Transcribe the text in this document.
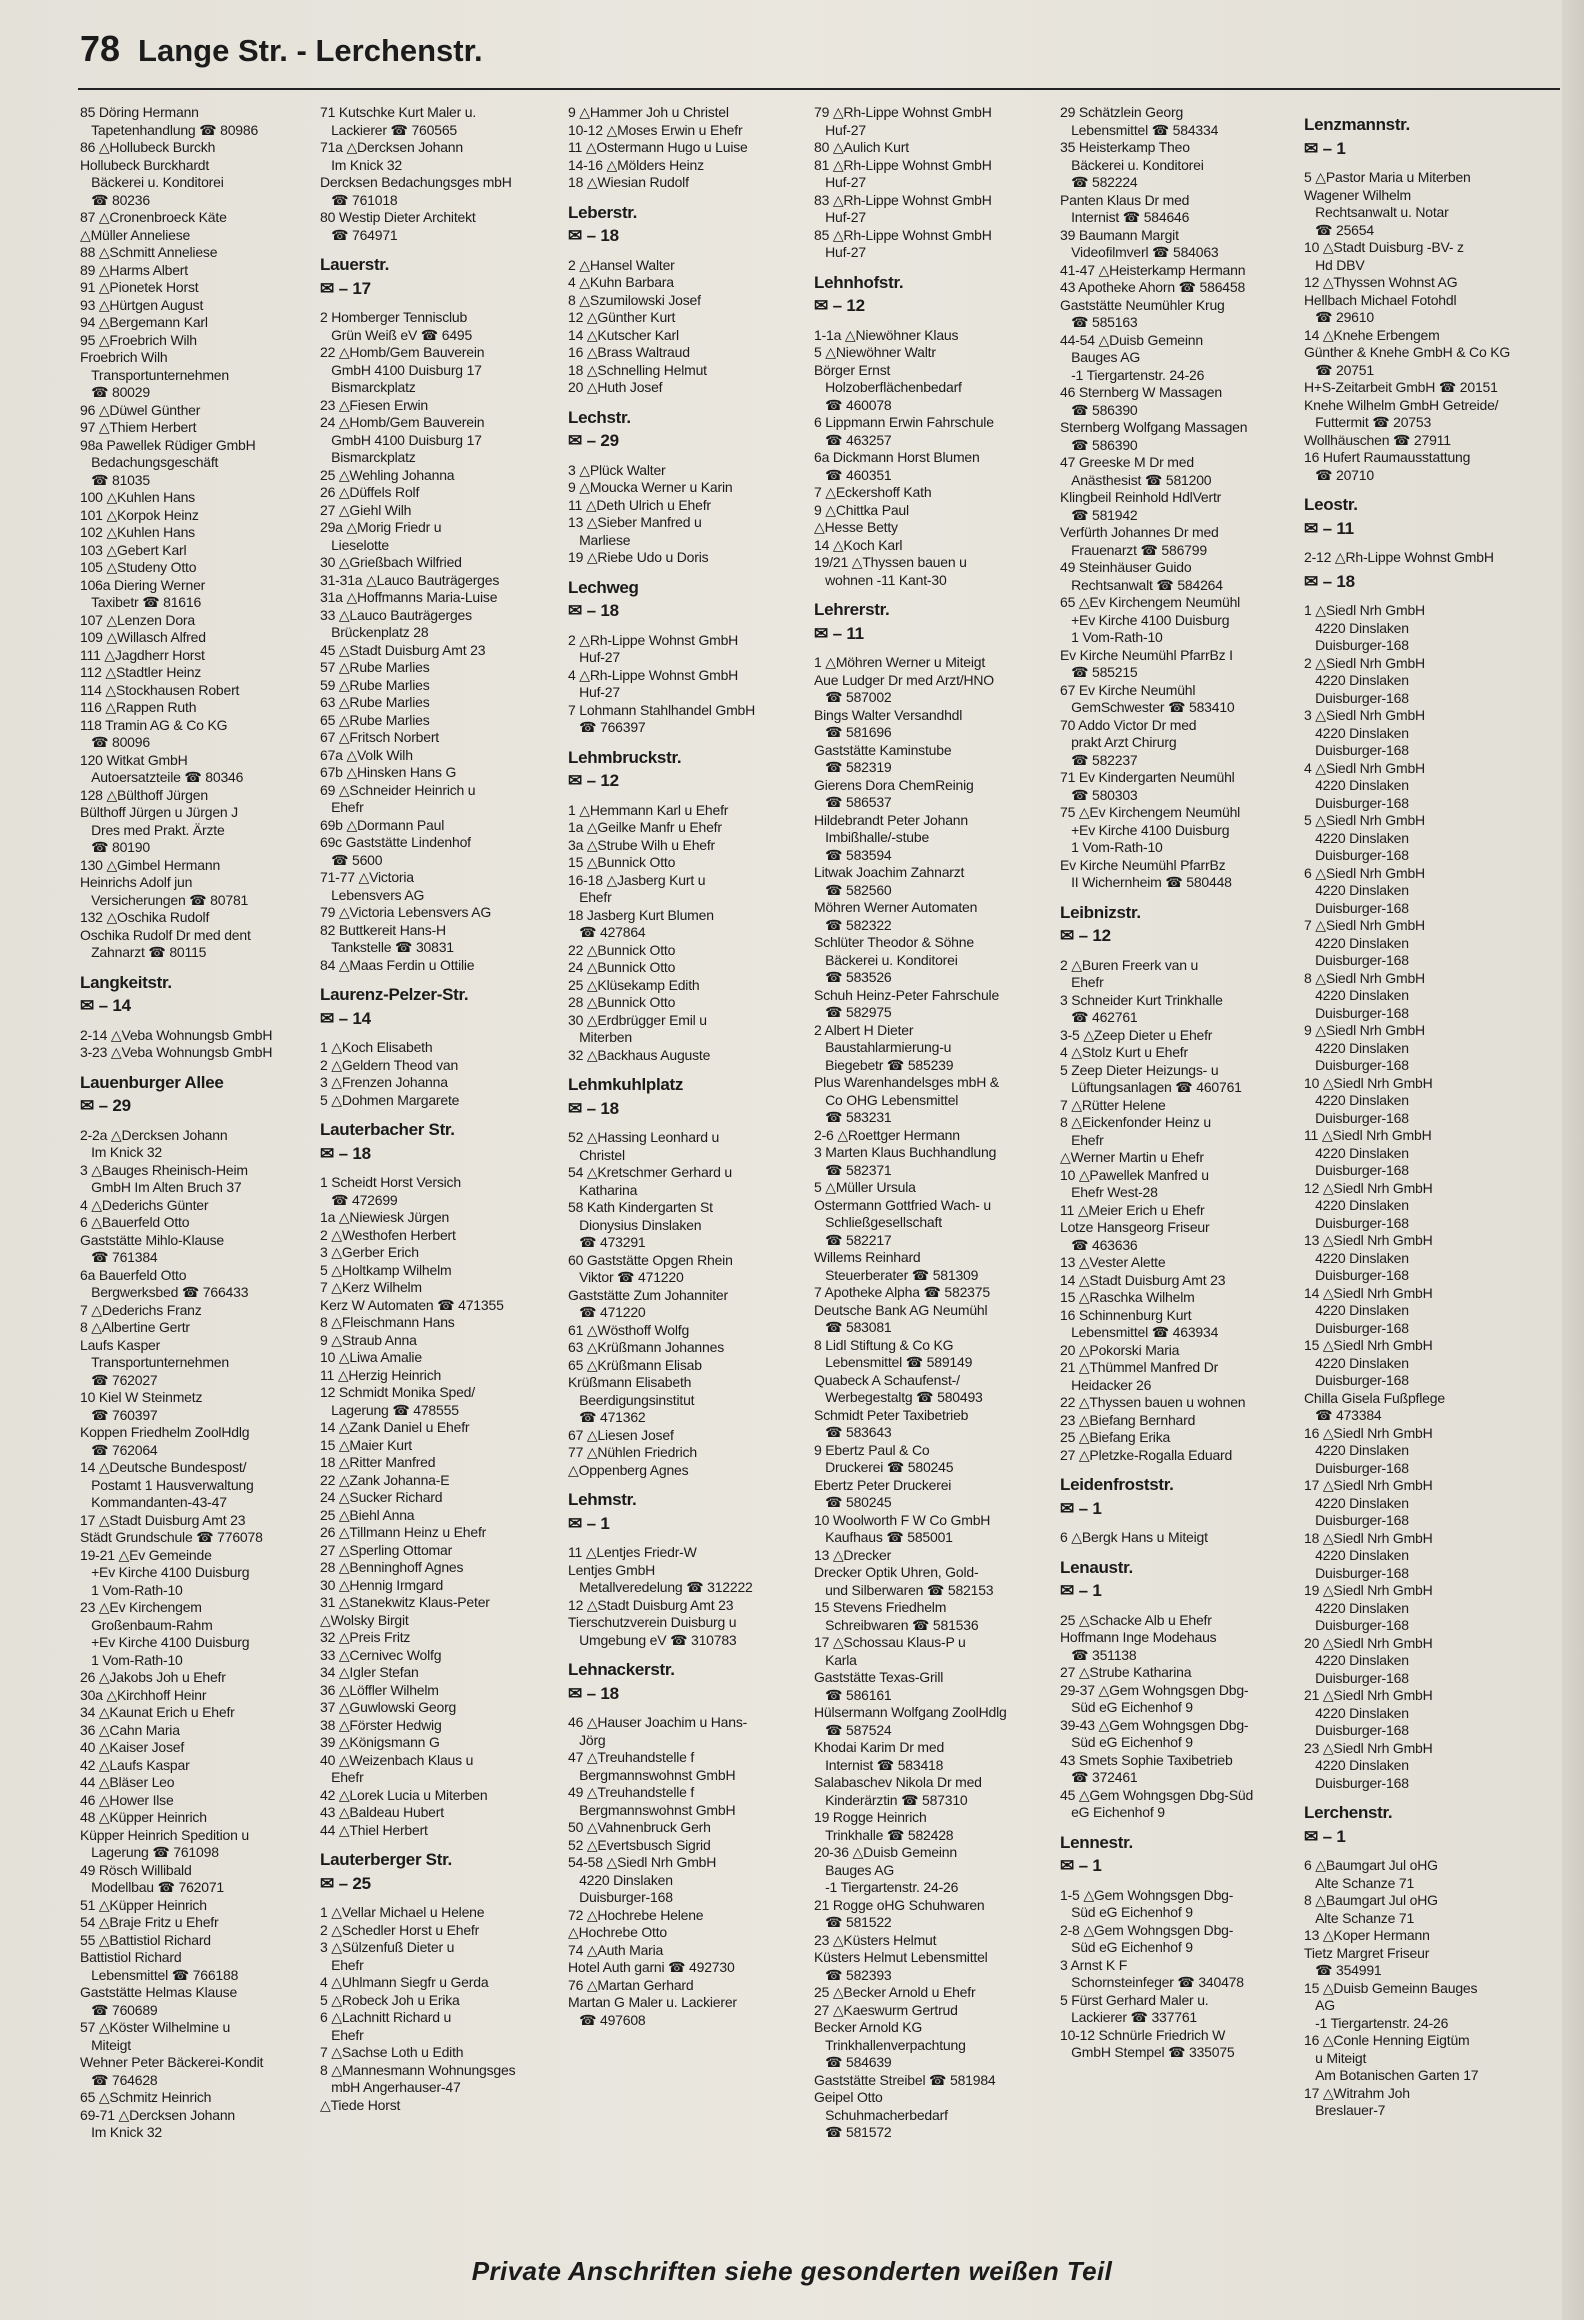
78 Lange Str. - Lerchenstr.
85 Döring Hermann
Tapetenhandlung ☎ 80986
86 △Hollubeck Burckh
Hollubeck Burckhardt
Bäckerei u. Konditorei
☎ 80236
87 △Cronenbroeck Käte
△Müller Anneliese
88 △Schmitt Anneliese
89 △Harms Albert
91 △Pionetek Horst
93 △Hürtgen August
94 △Bergemann Karl
95 △Froebrich Wilh
Froebrich Wilh
Transportunternehmen
☎ 80029
96 △Düwel Günther
97 △Thiem Herbert
98a Pawellek Rüdiger GmbH
Bedachungsgeschäft
☎ 81035
100 △Kuhlen Hans
101 △Korpok Heinz
102 △Kuhlen Hans
103 △Gebert Karl
105 △Studeny Otto
106a Diering Werner
Taxibetr ☎ 81616
107 △Lenzen Dora
109 △Willasch Alfred
111 △Jagdherr Horst
112 △Stadtler Heinz
114 △Stockhausen Robert
116 △Rappen Ruth
118 Tramin AG & Co KG
☎ 80096
120 Witkat GmbH
Autoersatzteile ☎ 80346
128 △Bülthoff Jürgen
Bülthoff Jürgen u Jürgen J
Dres med Prakt. Ärzte
☎ 80190
130 △Gimbel Hermann
Heinrichs Adolf jun
Versicherungen ☎ 80781
132 △Oschika Rudolf
Oschika Rudolf Dr med dent
Zahnarzt ☎ 80115
Langkeitstr.
✉ – 14
2-14 △Veba Wohnungsb GmbH
3-23 △Veba Wohnungsb GmbH
Lauenburger Allee
✉ – 29
2-2a △Dercksen Johann
Im Knick 32
3 △Bauges Rheinisch-Heim
GmbH Im Alten Bruch 37
4 △Dederichs Günter
6 △Bauerfeld Otto
Gaststätte Mihlo-Klause
☎ 761384
6a Bauerfeld Otto
Bergwerksbed ☎ 766433
7 △Dederichs Franz
8 △Albertine Gertr
Laufs Kasper
Transportunternehmen
☎ 762027
10 Kiel W Steinmetz
☎ 760397
Koppen Friedhelm ZoolHdlg
☎ 762064
14 △Deutsche Bundespost/
Postamt 1 Hausverwaltung
Kommandanten-43-47
17 △Stadt Duisburg Amt 23
Städt Grundschule ☎ 776078
19-21 △Ev Gemeinde
+Ev Kirche 4100 Duisburg
1 Vom-Rath-10
23 △Ev Kirchengem
Großenbaum-Rahm
+Ev Kirche 4100 Duisburg
1 Vom-Rath-10
26 △Jakobs Joh u Ehefr
30a △Kirchhoff Heinr
34 △Kaunat Erich u Ehefr
36 △Cahn Maria
40 △Kaiser Josef
42 △Laufs Kaspar
44 △Bläser Leo
46 △Hower Ilse
48 △Küpper Heinrich
Küpper Heinrich Spedition u
Lagerung ☎ 761098
49 Rösch Willibald
Modellbau ☎ 762071
51 △Küpper Heinrich
54 △Braje Fritz u Ehefr
55 △Battistiol Richard
Battistiol Richard
Lebensmittel ☎ 766188
Gaststätte Helmas Klause
☎ 760689
57 △Köster Wilhelmine u
Miteigt
Wehner Peter Bäckerei-Kondit
☎ 764628
65 △Schmitz Heinrich
69-71 △Dercksen Johann
Im Knick 32
71 Kutschke Kurt Maler u.
Lackierer ☎ 760565
71a △Dercksen Johann
Im Knick 32
Dercksen Bedachungsges mbH
☎ 761018
80 Westip Dieter Architekt
☎ 764971
Lauerstr.
✉ – 17
2 Homberger Tennisclub
Grün Weiß eV ☎ 6495
22 △Homb/Gem Bauverein
GmbH 4100 Duisburg 17
Bismarckplatz
23 △Fiesen Erwin
24 △Homb/Gem Bauverein
GmbH 4100 Duisburg 17
Bismarckplatz
25 △Wehling Johanna
26 △Düffels Rolf
27 △Giehl Wilh
29a △Morig Friedr u
Lieselotte
30 △Grießbach Wilfried
31-31a △Lauco Bauträgerges
31a △Hoffmanns Maria-Luise
33 △Lauco Bauträgerges
Brückenplatz 28
45 △Stadt Duisburg Amt 23
57 △Rube Marlies
59 △Rube Marlies
63 △Rube Marlies
65 △Rube Marlies
67 △Fritsch Norbert
67a △Volk Wilh
67b △Hinsken Hans G
69 △Schneider Heinrich u
Ehefr
69b △Dormann Paul
69c Gaststätte Lindenhof
☎ 5600
71-77 △Victoria
Lebensvers AG
79 △Victoria Lebensvers AG
82 Buttkereit Hans-H
Tankstelle ☎ 30831
84 △Maas Ferdin u Ottilie
Laurenz-Pelzer-Str.
✉ – 14
1 △Koch Elisabeth
2 △Geldern Theod van
3 △Frenzen Johanna
5 △Dohmen Margarete
Lauterbacher Str.
✉ – 18
1 Scheidt Horst Versich
☎ 472699
1a △Niewiesk Jürgen
2 △Westhofen Herbert
3 △Gerber Erich
5 △Holtkamp Wilhelm
7 △Kerz Wilhelm
Kerz W Automaten ☎ 471355
8 △Fleischmann Hans
9 △Straub Anna
10 △Liwa Amalie
11 △Herzig Heinrich
12 Schmidt Monika Sped/
Lagerung ☎ 478555
14 △Zank Daniel u Ehefr
15 △Maier Kurt
18 △Ritter Manfred
22 △Zank Johanna-E
24 △Sucker Richard
25 △Biehl Anna
26 △Tillmann Heinz u Ehefr
27 △Sperling Ottomar
28 △Benninghoff Agnes
30 △Hennig Irmgard
31 △Stanekwitz Klaus-Peter
△Wolsky Birgit
32 △Preis Fritz
33 △Cernivec Wolfg
34 △Igler Stefan
36 △Löffler Wilhelm
37 △Guwlowski Georg
38 △Förster Hedwig
39 △Königsmann G
40 △Weizenbach Klaus u
Ehefr
42 △Lorek Lucia u Miterben
43 △Baldeau Hubert
44 △Thiel Herbert
Lauterberger Str.
✉ – 25
1 △Vellar Michael u Helene
2 △Schedler Horst u Ehefr
3 △Sülzenfuß Dieter u
Ehefr
4 △Uhlmann Siegfr u Gerda
5 △Robeck Joh u Erika
6 △Lachnitt Richard u
Ehefr
7 △Sachse Loth u Edith
8 △Mannesmann Wohnungsges
mbH Angerhauser-47
△Tiede Horst
9 △Hammer Joh u Christel
10-12 △Moses Erwin u Ehefr
11 △Ostermann Hugo u Luise
14-16 △Mölders Heinz
18 △Wiesian Rudolf
Leberstr.
✉ – 18
2 △Hansel Walter
4 △Kuhn Barbara
8 △Szumilowski Josef
12 △Günther Kurt
14 △Kutscher Karl
16 △Brass Waltraud
18 △Schnelling Helmut
20 △Huth Josef
Lechstr.
✉ – 29
3 △Plück Walter
9 △Moucka Werner u Karin
11 △Deth Ulrich u Ehefr
13 △Sieber Manfred u
Marliese
19 △Riebe Udo u Doris
Lechweg
✉ – 18
2 △Rh-Lippe Wohnst GmbH
Huf-27
4 △Rh-Lippe Wohnst GmbH
Huf-27
7 Lohmann Stahlhandel GmbH
☎ 766397
Lehmbruckstr.
✉ – 12
1 △Hemmann Karl u Ehefr
1a △Geilke Manfr u Ehefr
3a △Strube Wilh u Ehefr
15 △Bunnick Otto
16-18 △Jasberg Kurt u
Ehefr
18 Jasberg Kurt Blumen
☎ 427864
22 △Bunnick Otto
24 △Bunnick Otto
25 △Klüsekamp Edith
28 △Bunnick Otto
30 △Erdbrügger Emil u
Miterben
32 △Backhaus Auguste
Lehmkuhlplatz
✉ – 18
52 △Hassing Leonhard u
Christel
54 △Kretschmer Gerhard u
Katharina
58 Kath Kindergarten St
Dionysius Dinslaken
☎ 473291
60 Gaststätte Opgen Rhein
Viktor ☎ 471220
Gaststätte Zum Johanniter
☎ 471220
61 △Wösthoff Wolfg
63 △Krüßmann Johannes
65 △Krüßmann Elisab
Krüßmann Elisabeth
Beerdigungsinstitut
☎ 471362
67 △Liesen Josef
77 △Nühlen Friedrich
△Oppenberg Agnes
Lehmstr.
✉ – 1
11 △Lentjes Friedr-W
Lentjes GmbH
Metallveredelung ☎ 312222
12 △Stadt Duisburg Amt 23
Tierschutzverein Duisburg u
Umgebung eV ☎ 310783
Lehnackerstr.
✉ – 18
46 △Hauser Joachim u Hans-
Jörg
47 △Treuhandstelle f
Bergmannswohnst GmbH
49 △Treuhandstelle f
Bergmannswohnst GmbH
50 △Vahnenbruck Gerh
52 △Evertsbusch Sigrid
54-58 △Siedl Nrh GmbH
4220 Dinslaken
Duisburger-168
72 △Hochrebe Helene
△Hochrebe Otto
74 △Auth Maria
Hotel Auth garni ☎ 492730
76 △Martan Gerhard
Martan G Maler u. Lackierer
☎ 497608
79 △Rh-Lippe Wohnst GmbH
Huf-27
80 △Aulich Kurt
81 △Rh-Lippe Wohnst GmbH
Huf-27
83 △Rh-Lippe Wohnst GmbH
Huf-27
85 △Rh-Lippe Wohnst GmbH
Huf-27
Lehnhofstr.
✉ – 12
1-1a △Niewöhner Klaus
5 △Niewöhner Waltr
Börger Ernst
Holzoberflächenbedarf
☎ 460078
6 Lippmann Erwin Fahrschule
☎ 463257
6a Dickmann Horst Blumen
☎ 460351
7 △Eckershoff Kath
9 △Chittka Paul
△Hesse Betty
14 △Koch Karl
19/21 △Thyssen bauen u
wohnen -11 Kant-30
Lehrerstr.
✉ – 11
1 △Möhren Werner u Miteigt
Aue Ludger Dr med Arzt/HNO
☎ 587002
Bings Walter Versandhdl
☎ 581696
Gaststätte Kaminstube
☎ 582319
Gierens Dora ChemReinig
☎ 586537
Hildebrandt Peter Johann
Imbißhalle/-stube
☎ 583594
Litwak Joachim Zahnarzt
☎ 582560
Möhren Werner Automaten
☎ 582322
Schlüter Theodor & Söhne
Bäckerei u. Konditorei
☎ 583526
Schuh Heinz-Peter Fahrschule
☎ 582975
2 Albert H Dieter
Baustahlarmierung-u
Biegebetr ☎ 585239
Plus Warenhandelsges mbH &
Co OHG Lebensmittel
☎ 583231
2-6 △Roettger Hermann
3 Marten Klaus Buchhandlung
☎ 582371
5 △Müller Ursula
Ostermann Gottfried Wach- u
Schließgesellschaft
☎ 582217
Willems Reinhard
Steuerberater ☎ 581309
7 Apotheke Alpha ☎ 582375
Deutsche Bank AG Neumühl
☎ 583081
8 Lidl Stiftung & Co KG
Lebensmittel ☎ 589149
Quabeck A Schaufenst-/
Werbegestaltg ☎ 580493
Schmidt Peter Taxibetrieb
☎ 583643
9 Ebertz Paul & Co
Druckerei ☎ 580245
Ebertz Peter Druckerei
☎ 580245
10 Woolworth F W Co GmbH
Kaufhaus ☎ 585001
13 △Drecker
Drecker Optik Uhren, Gold-
und Silberwaren ☎ 582153
15 Stevens Friedhelm
Schreibwaren ☎ 581536
17 △Schossau Klaus-P u
Karla
Gaststätte Texas-Grill
☎ 586161
Hülsermann Wolfgang ZoolHdlg
☎ 587524
Khodai Karim Dr med
Internist ☎ 583418
Salabaschev Nikola Dr med
Kinderärztin ☎ 587310
19 Rogge Heinrich
Trinkhalle ☎ 582428
20-36 △Duisb Gemeinn
Bauges AG
-1 Tiergartenstr. 24-26
21 Rogge oHG Schuhwaren
☎ 581522
23 △Küsters Helmut
Küsters Helmut Lebensmittel
☎ 582393
25 △Becker Arnold u Ehefr
27 △Kaeswurm Gertrud
Becker Arnold KG
Trinkhallenverpachtung
☎ 584639
Gaststätte Streibel ☎ 581984
Geipel Otto
Schuhmacherbedarf
☎ 581572
29 Schätzlein Georg
Lebensmittel ☎ 584334
35 Heisterkamp Theo
Bäckerei u. Konditorei
☎ 582224
Panten Klaus Dr med
Internist ☎ 584646
39 Baumann Margit
Videofilmverl ☎ 584063
41-47 △Heisterkamp Hermann
43 Apotheke Ahorn ☎ 586458
Gaststätte Neumühler Krug
☎ 585163
44-54 △Duisb Gemeinn
Bauges AG
-1 Tiergartenstr. 24-26
46 Sternberg W Massagen
☎ 586390
Sternberg Wolfgang Massagen
☎ 586390
47 Greeske M Dr med
Anästhesist ☎ 581200
Klingbeil Reinhold HdlVertr
☎ 581942
Verfürth Johannes Dr med
Frauenarzt ☎ 586799
49 Steinhäuser Guido
Rechtsanwalt ☎ 584264
65 △Ev Kirchengem Neumühl
+Ev Kirche 4100 Duisburg
1 Vom-Rath-10
Ev Kirche Neumühl PfarrBz I
☎ 585215
67 Ev Kirche Neumühl
GemSchwester ☎ 583410
70 Addo Victor Dr med
prakt Arzt Chirurg
☎ 582237
71 Ev Kindergarten Neumühl
☎ 580303
75 △Ev Kirchengem Neumühl
+Ev Kirche 4100 Duisburg
1 Vom-Rath-10
Ev Kirche Neumühl PfarrBz
II Wichernheim ☎ 580448
Leibnizstr.
✉ – 12
2 △Buren Freerk van u
Ehefr
3 Schneider Kurt Trinkhalle
☎ 462761
3-5 △Zeep Dieter u Ehefr
4 △Stolz Kurt u Ehefr
5 Zeep Dieter Heizungs- u
Lüftungsanlagen ☎ 460761
7 △Rütter Helene
8 △Eickenfonder Heinz u
Ehefr
△Werner Martin u Ehefr
10 △Pawellek Manfred u
Ehefr West-28
11 △Meier Erich u Ehefr
Lotze Hansgeorg Friseur
☎ 463636
13 △Vester Alette
14 △Stadt Duisburg Amt 23
15 △Raschka Wilhelm
16 Schinnenburg Kurt
Lebensmittel ☎ 463934
20 △Pokorski Maria
21 △Thümmel Manfred Dr
Heidacker 26
22 △Thyssen bauen u wohnen
23 △Biefang Bernhard
25 △Biefang Erika
27 △Pletzke-Rogalla Eduard
Leidenfroststr.
✉ – 1
6 △Bergk Hans u Miteigt
Lenaustr.
✉ – 1
25 △Schacke Alb u Ehefr
Hoffmann Inge Modehaus
☎ 351138
27 △Strube Katharina
29-37 △Gem Wohngsgen Dbg-
Süd eG Eichenhof 9
39-43 △Gem Wohngsgen Dbg-
Süd eG Eichenhof 9
43 Smets Sophie Taxibetrieb
☎ 372461
45 △Gem Wohngsgen Dbg-Süd
eG Eichenhof 9
Lennestr.
✉ – 1
1-5 △Gem Wohngsgen Dbg-
Süd eG Eichenhof 9
2-8 △Gem Wohngsgen Dbg-
Süd eG Eichenhof 9
3 Arnst K F
Schornsteinfeger ☎ 340478
5 Fürst Gerhard Maler u.
Lackierer ☎ 337761
10-12 Schnürle Friedrich W
GmbH Stempel ☎ 335075
Lenzmannstr.
✉ – 1
5 △Pastor Maria u Miterben
Wagener Wilhelm
Rechtsanwalt u. Notar
☎ 25654
10 △Stadt Duisburg -BV- z
Hd DBV
12 △Thyssen Wohnst AG
Hellbach Michael Fotohdl
☎ 29610
14 △Knehe Erbengem
Günther & Knehe GmbH & Co KG
☎ 20751
H+S-Zeitarbeit GmbH ☎ 20151
Knehe Wilhelm GmbH Getreide/
Futtermit ☎ 20753
Wollhäuschen ☎ 27911
16 Hufert Raumausstattung
☎ 20710
Leostr.
✉ – 11
2-12 △Rh-Lippe Wohnst GmbH
✉ – 18
1 △Siedl Nrh GmbH
4220 Dinslaken
Duisburger-168
2 △Siedl Nrh GmbH
4220 Dinslaken
Duisburger-168
3 △Siedl Nrh GmbH
4220 Dinslaken
Duisburger-168
4 △Siedl Nrh GmbH
4220 Dinslaken
Duisburger-168
5 △Siedl Nrh GmbH
4220 Dinslaken
Duisburger-168
6 △Siedl Nrh GmbH
4220 Dinslaken
Duisburger-168
7 △Siedl Nrh GmbH
4220 Dinslaken
Duisburger-168
8 △Siedl Nrh GmbH
4220 Dinslaken
Duisburger-168
9 △Siedl Nrh GmbH
4220 Dinslaken
Duisburger-168
10 △Siedl Nrh GmbH
4220 Dinslaken
Duisburger-168
11 △Siedl Nrh GmbH
4220 Dinslaken
Duisburger-168
12 △Siedl Nrh GmbH
4220 Dinslaken
Duisburger-168
13 △Siedl Nrh GmbH
4220 Dinslaken
Duisburger-168
14 △Siedl Nrh GmbH
4220 Dinslaken
Duisburger-168
15 △Siedl Nrh GmbH
4220 Dinslaken
Duisburger-168
Chilla Gisela Fußpflege
☎ 473384
16 △Siedl Nrh GmbH
4220 Dinslaken
Duisburger-168
17 △Siedl Nrh GmbH
4220 Dinslaken
Duisburger-168
18 △Siedl Nrh GmbH
4220 Dinslaken
Duisburger-168
19 △Siedl Nrh GmbH
4220 Dinslaken
Duisburger-168
20 △Siedl Nrh GmbH
4220 Dinslaken
Duisburger-168
21 △Siedl Nrh GmbH
4220 Dinslaken
Duisburger-168
23 △Siedl Nrh GmbH
4220 Dinslaken
Duisburger-168
Lerchenstr.
✉ – 1
6 △Baumgart Jul oHG
Alte Schanze 71
8 △Baumgart Jul oHG
Alte Schanze 71
13 △Koper Hermann
Tietz Margret Friseur
☎ 354991
15 △Duisb Gemeinn Bauges
AG
-1 Tiergartenstr. 24-26
16 △Conle Henning Eigtüm
u Miteigt
Am Botanischen Garten 17
17 △Witrahm Joh
Breslauer-7
Private Anschriften siehe gesonderten weißen Teil
